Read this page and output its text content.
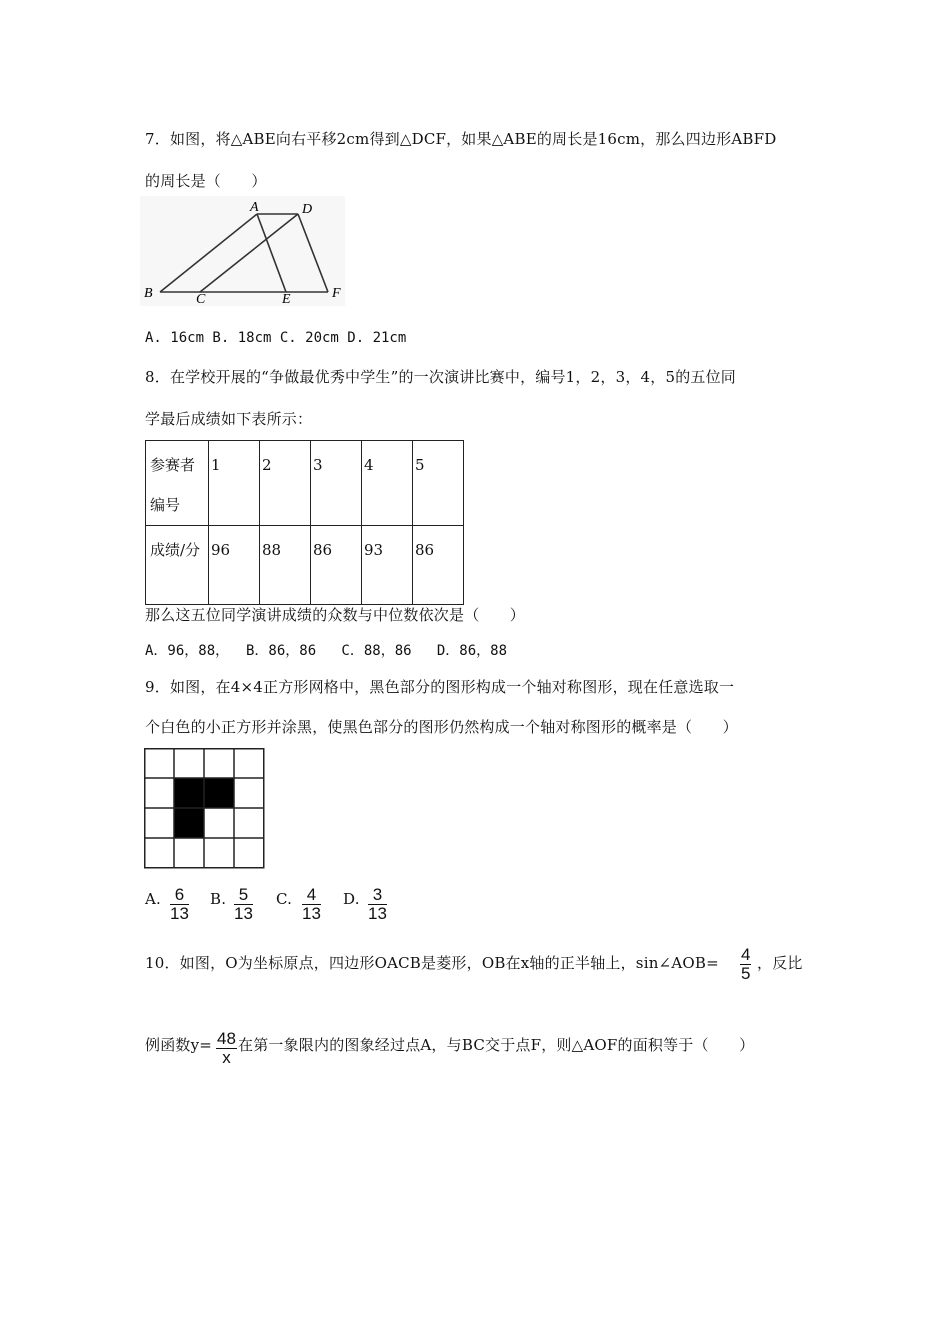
7．如图，将△ABE向右平移2cm得到△DCF，如果△ABE的周长是16cm，那么四边形ABFD
的周长是（　　）
A	D
B	C	E	F
A. 16cm B. 18cm C. 20cm D. 21cm
8．在学校开展的“争做最优秀中学生”的一次演讲比赛中，编号1，2，3，4，5的五位同
学最后成绩如下表所示：
参赛者编号	1	2	3	4	5
成绩/分	96	88	86	93	86
那么这五位同学演讲成绩的众数与中位数依次是（　　）
A．96，88，  B．86，86   C．88，86   D．86，88
9．如图，在4×4正方形网格中，黑色部分的图形构成一个轴对称图形，现在任意选取一
个白色的小正方形并涂黑，使黑色部分的图形仍然构成一个轴对称图形的概率是（　　）
A. $\frac{6}{13} B$. $\frac{5}{13} C$. $\frac{4}{13} D$. $\frac{3}{13}$
10．如图，O为坐标原点，四边形OACB是菱形，OB在x轴的正半轴上，sin∠AOB= $\frac{4}{5}$ ，反比
例函数$y= \frac{48}{x}$ 在第一象限内的图象经过点A，与BC交于点F，则△AOF的面积等于（　　）
